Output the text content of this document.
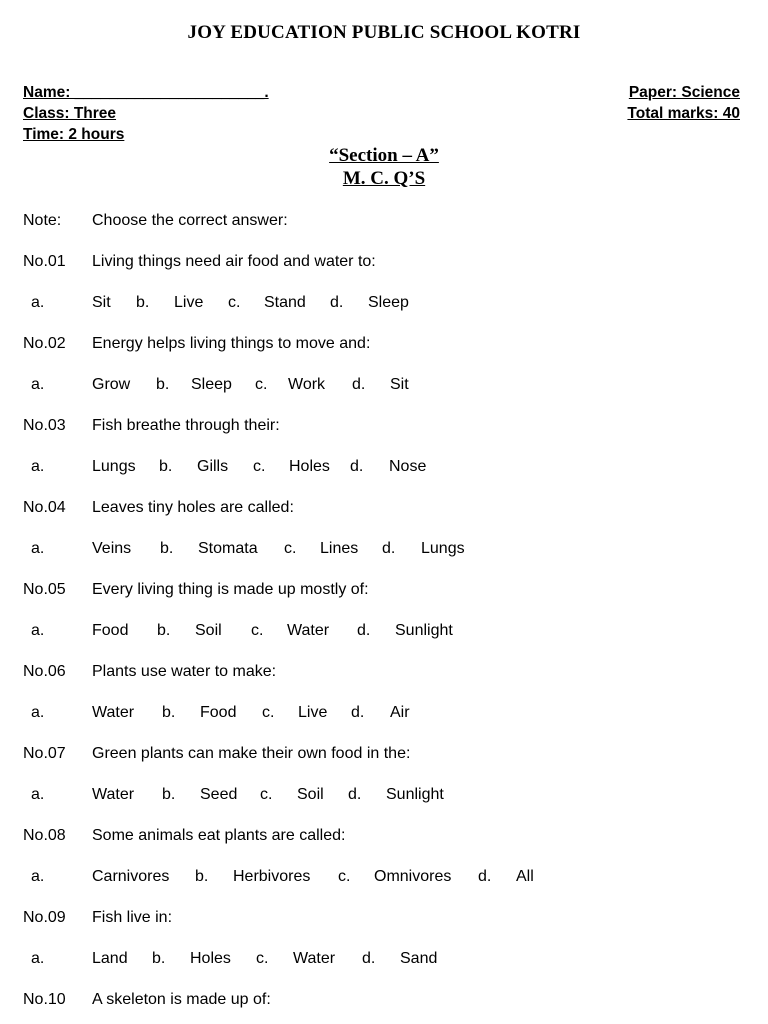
JOY EDUCATION PUBLIC SCHOOL KOTRI
Name: ______________________.
Class: Three
Time: 2 hours
Paper: Science
Total marks: 40
“Section – A”
M. C. Q’S
Note: Choose the correct answer:
No.01 Living things need air food and water to:
a.	Sit b. Live c. Stand d. Sleep
No.02 Energy helps living things to move and:
a.	Grow b. Sleep c. Work d. Sit
No.03 Fish breathe through their:
a.	Lungs b. Gills c. Holes d. Nose
No.04 Leaves tiny holes are called:
a.	Veins b. Stomata c. Lines d. Lungs
No.05 Every living thing is made up mostly of:
a.	Food b. Soil c. Water d. Sunlight
No.06 Plants use water to make:
a.	Water b. Food c. Live d. Air
No.07 Green plants can make their own food in the:
a.	Water b. Seed c. Soil d. Sunlight
No.08 Some animals eat plants are called:
a.	Carnivores b. Herbivores c. Omnivores d. All
No.09 Fish live in:
a.	Land b. Holes c. Water d. Sand
No.10 A skeleton is made up of:
